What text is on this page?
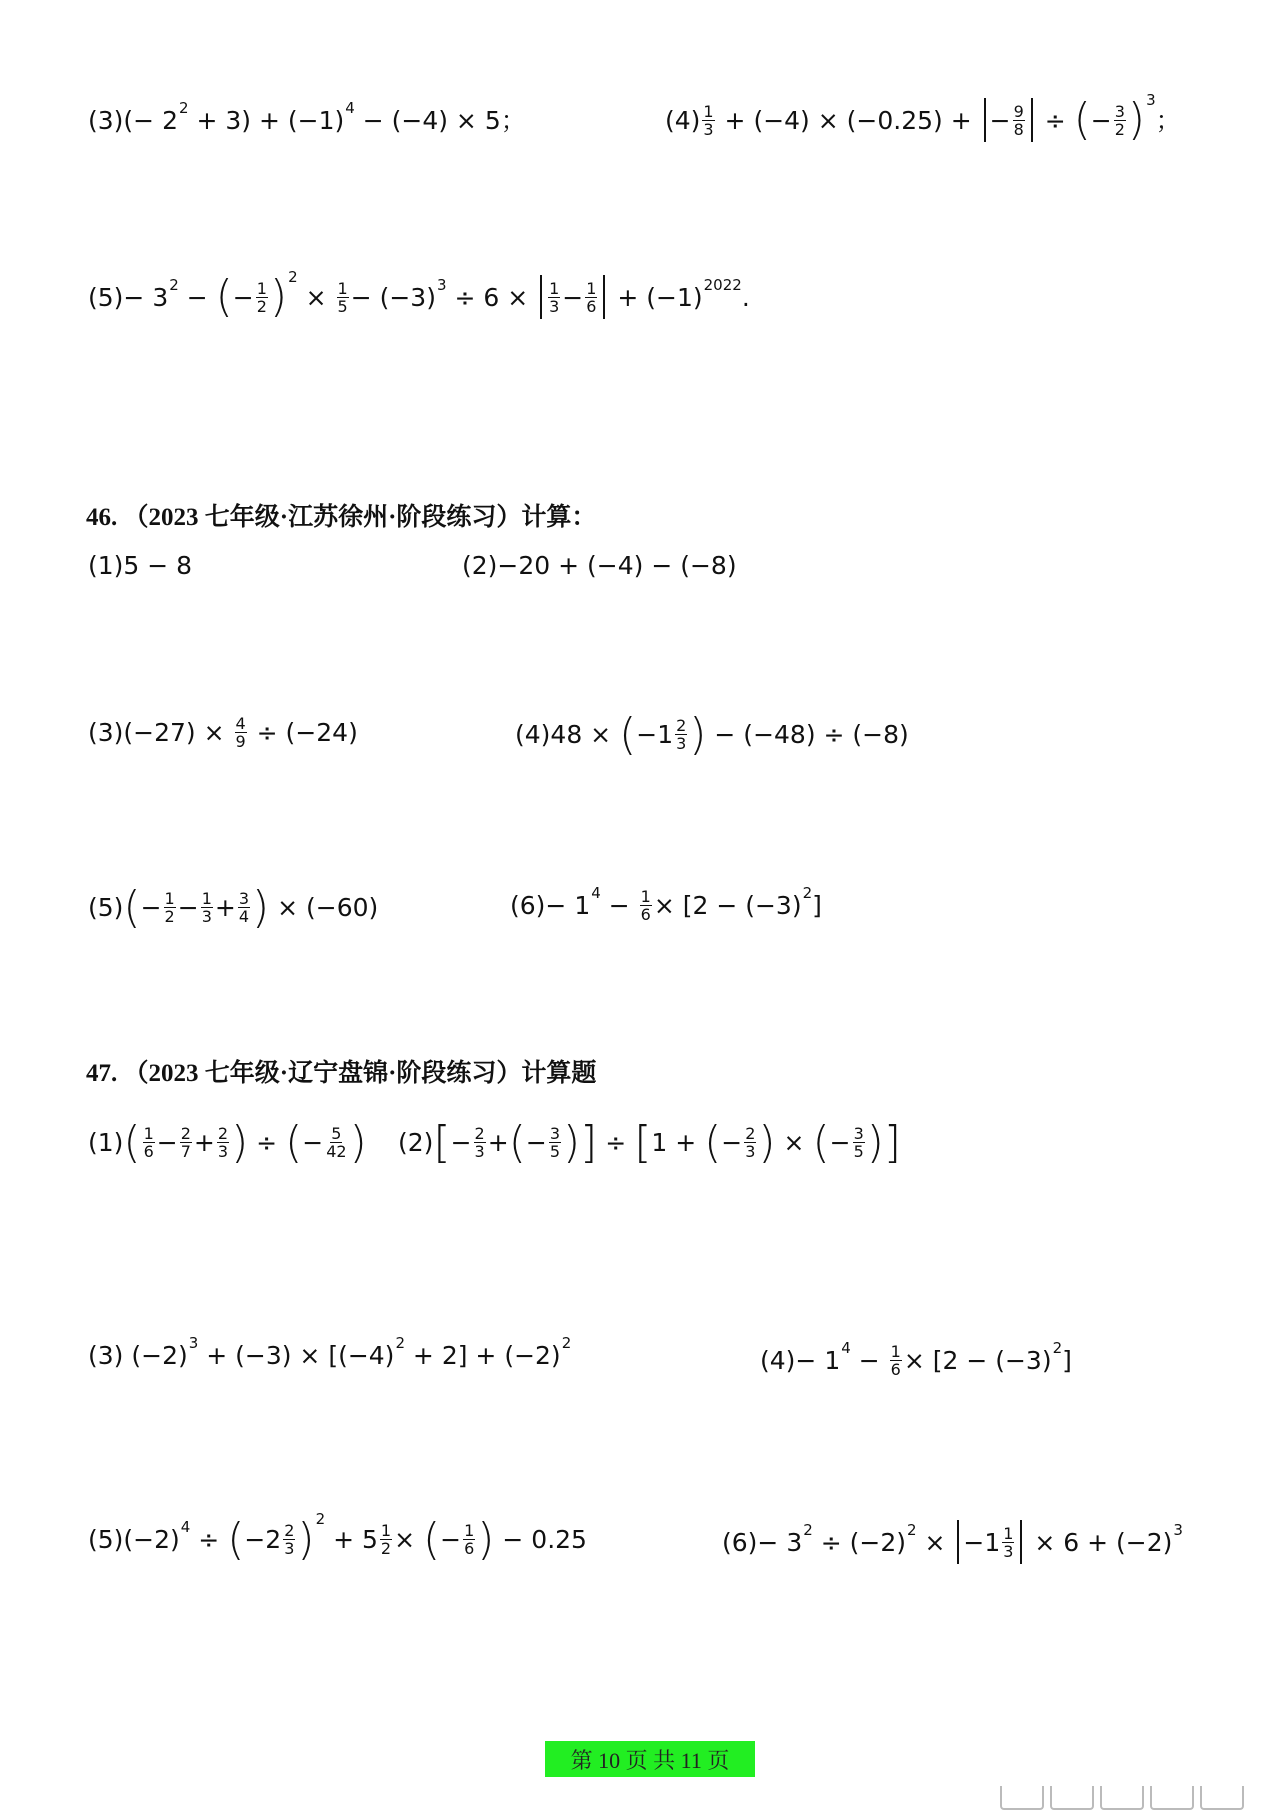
(3) (− $2^2 + 3) + (-1)^4 - (-4) \times 5$ ；	$(4) \frac{1}{3} + (-4) \times (-0.25)$ + − $\frac{9}{8}$ ÷ ( − $\frac{3}{2} )^3$
；
$(5) - 3^2$ − ( − $\frac{1}{2} )^2$
× $\frac{1}{5} - (-3)^3 \div 6 \times \frac{1}{3} - \frac{1}{6} + (-1)^{2022}$ .
46. （2023 七年级·江苏徐州·阶段练习）计算：
(1) 5 − 8	(2) −20 + (−4) − (−8)
(3) $(-27) \times \frac{4}{9} \div (-24)$	(4) 48 × ( $-1 \frac{2}{3}$ ) − (−48) ÷ (−8)
(5) ( − $\frac{1}{2} - \frac{1}{3} + \frac{3}{4}$ ) × (−60)	$(6) - 1^4 - \frac{1}{6} \times [2 - (-3)^2$ ]
47. （2023 七年级·辽宁盘锦·阶段练习）计算题
(1) ( $\frac{1}{6} - \frac{2}{7} + \frac{2}{3}$ ) ÷ ( − $\frac{5}{42}$ ) (2) [ − $\frac{2}{3}$ + ( − $\frac{3}{5}$ ) ] ÷ [ 1 + ( − $\frac{2}{3}$ ) × ( − $\frac{3}{5}$ ) ]
(3) $(-2)^3 + (-3) \times [(-4)^2 + 2] + (-2)^2$
$(4) - 1^4 - \frac{1}{6} \times [2 - (-3)^2$ ]
(5) $(-2)^4$ ÷ ( $-2 \frac{2}{3} )^2$
+ $5 \frac{1}{2}$ × ( − $\frac{1}{6}$ ) − 0.25	$(6) - 3^2 \div (-2)^2 \times -1 \frac{1}{3} \times 6 + (-2)^3$
第 10 页 共 11 页
